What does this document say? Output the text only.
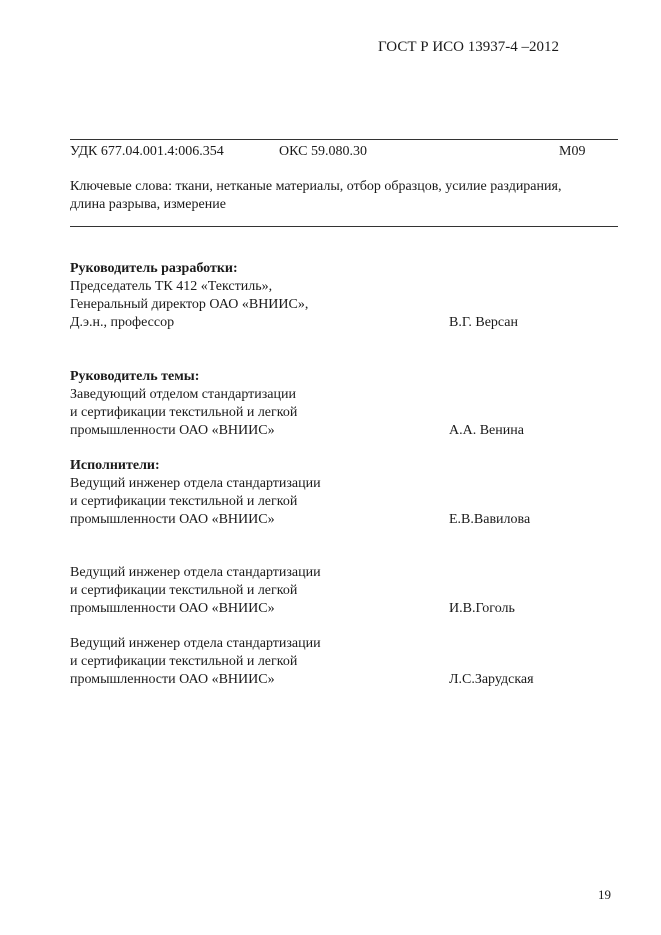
ГОСТ Р ИСО 13937-4 –2012
УДК 677.04.001.4:006.354	ОКС 59.080.30	М09
Ключевые слова: ткани, нетканые материалы, отбор образцов, усилие раздирания,
длина разрыва, измерение
Руководитель разработки:
Председатель ТК 412 «Текстиль»,
Генеральный директор ОАО «ВНИИС»,
Д.э.н., профессор	В.Г. Версан
Руководитель темы:
Заведующий отделом стандартизации
и сертификации текстильной и легкой
промышленности ОАО «ВНИИС»	А.А. Венина
Исполнители:
Ведущий инженер отдела стандартизации
и сертификации текстильной и легкой
промышленности ОАО «ВНИИС»	Е.В.Вавилова
Ведущий инженер отдела стандартизации
и сертификации текстильной и легкой
промышленности ОАО «ВНИИС»	И.В.Гоголь
Ведущий инженер отдела стандартизации
и сертификации текстильной и легкой
промышленности ОАО «ВНИИС»	Л.С.Зарудская
19
